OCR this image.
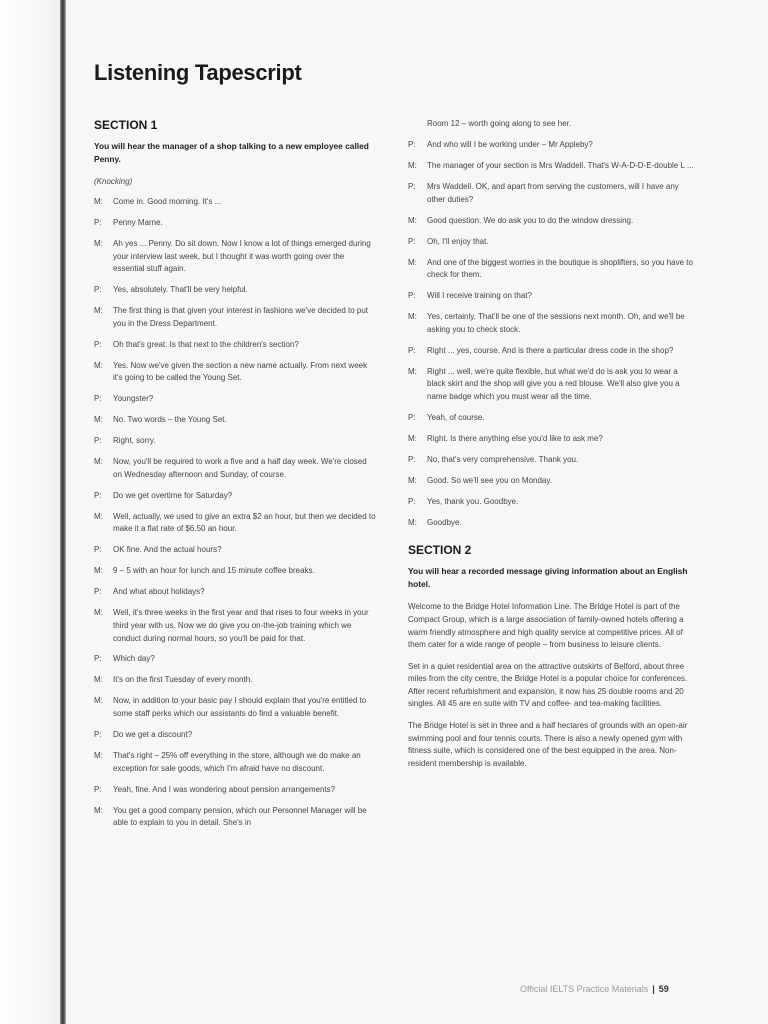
Listening Tapescript
SECTION 1
You will hear the manager of a shop talking to a new employee called Penny.
(Knocking)
M:	Come in. Good morning. It's ...
P:	Penny Marne.
M:	Ah yes ... Penny. Do sit down. Now I know a lot of things emerged during your interview last week, but I thought it was worth going over the essential stuff again.
P:	Yes, absolutely. That'll be very helpful.
M:	The first thing is that given your interest in fashions we've decided to put you in the Dress Department.
P:	Oh that's great. Is that next to the children's section?
M:	Yes. Now we've given the section a new name actually. From next week it's going to be called the Young Set.
P:	Youngster?
M:	No. Two words – the Young Set.
P:	Right, sorry.
M:	Now, you'll be required to work a five and a half day week. We're closed on Wednesday afternoon and Sunday, of course.
P:	Do we get overtime for Saturday?
M:	Well, actually, we used to give an extra $2 an hour, but then we decided to make it a flat rate of $6.50 an hour.
P:	OK fine. And the actual hours?
M:	9 – 5 with an hour for lunch and 15 minute coffee breaks.
P:	And what about holidays?
M:	Well, it's three weeks in the first year and that rises to four weeks in your third year with us. Now we do give you on-the-job training which we conduct during normal hours, so you'll be paid for that.
P:	Which day?
M:	It's on the first Tuesday of every month.
M:	Now, in addition to your basic pay I should explain that you're entitled to some staff perks which our assistants do find a valuable benefit.
P:	Do we get a discount?
M:	That's right – 25% off everything in the store, although we do make an exception for sale goods, which I'm afraid have no discount.
P:	Yeah, fine. And I was wondering about pension arrangements?
M:	You get a good company pension, which our Personnel Manager will be able to explain to you in detail. She's in
Room 12 – worth going along to see her.
P:	And who will I be working under – Mr Appleby?
M:	The manager of your section is Mrs Waddell. That's W-A-D-D-E-double L ...
P:	Mrs Waddell. OK, and apart from serving the customers, will I have any other duties?
M:	Good question. We do ask you to do the window dressing.
P:	Oh, I'll enjoy that.
M:	And one of the biggest worries in the boutique is shoplifters, so you have to check for them.
P:	Will I receive training on that?
M:	Yes, certainly. That'll be one of the sessions next month. Oh, and we'll be asking you to check stock.
P:	Right ... yes, course. And is there a particular dress code in the shop?
M:	Right ... well, we're quite flexible, but what we'd do is ask you to wear a black skirt and the shop will give you a red blouse. We'll also give you a name badge which you must wear all the time.
P:	Yeah, of course.
M:	Right. Is there anything else you'd like to ask me?
P:	No, that's very comprehensive. Thank you.
M:	Good. So we'll see you on Monday.
P:	Yes, thank you. Goodbye.
M:	Goodbye.
SECTION 2
You will hear a recorded message giving information about an English hotel.
Welcome to the Bridge Hotel Information Line. The Bridge Hotel is part of the Compact Group, which is a large association of family-owned hotels offering a warm friendly atmosphere and high quality service at competitive prices. All of them cater for a wide range of people – from business to leisure clients.
Set in a quiet residential area on the attractive outskirts of Belford, about three miles from the city centre, the Bridge Hotel is a popular choice for conferences. After recent refurbishment and expansion, it now has 25 double rooms and 20 singles. All 45 are en suite with TV and coffee- and tea-making facilities.
The Bridge Hotel is set in three and a half hectares of grounds with an open-air swimming pool and four tennis courts. There is also a newly opened gym with fitness suite, which is considered one of the best equipped in the area. Non-resident membership is available.
Official IELTS Practice Materials | 59
